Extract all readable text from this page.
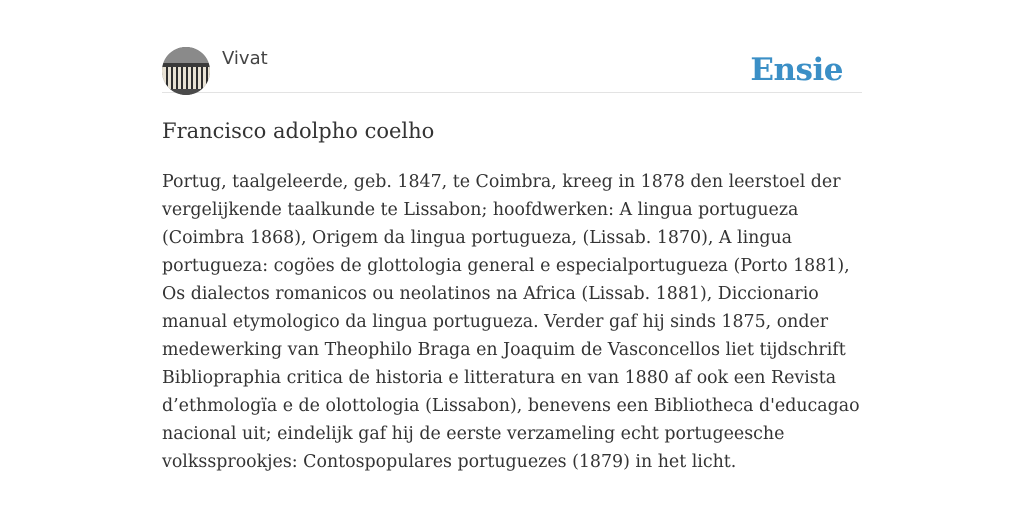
Vivat	Ensie
Francisco adolpho coelho

Portug, taalgeleerde, geb. 1847, te Coimbra, kreeg in 1878 den leerstoel der vergelijkende taalkunde te Lissabon; hoofdwerken: A lingua portugueza (Coimbra 1868), Origem da lingua portugueza, (Lissab. 1870), A lingua portugueza: cogöes de glottologia general e especialportugueza (Porto 1881), Os dialectos romanicos ou neolatinos na Africa (Lissab. 1881), Diccionario manual etymologico da lingua portugueza. Verder gaf hij sinds 1875, onder medewerking van Theophilo Braga en Joaquim de Vasconcellos liet tijdschrift Bibliopraphia critica de historia e litteratura en van 1880 af ook een Revista d’ethmologïa e de olottologia (Lissabon), benevens een Bibliotheca d'educagao nacional uit; eindelijk gaf hij de eerste verzameling echt portugeesche volkssprookjes: Contospopulares portuguezes (1879) in het licht.
